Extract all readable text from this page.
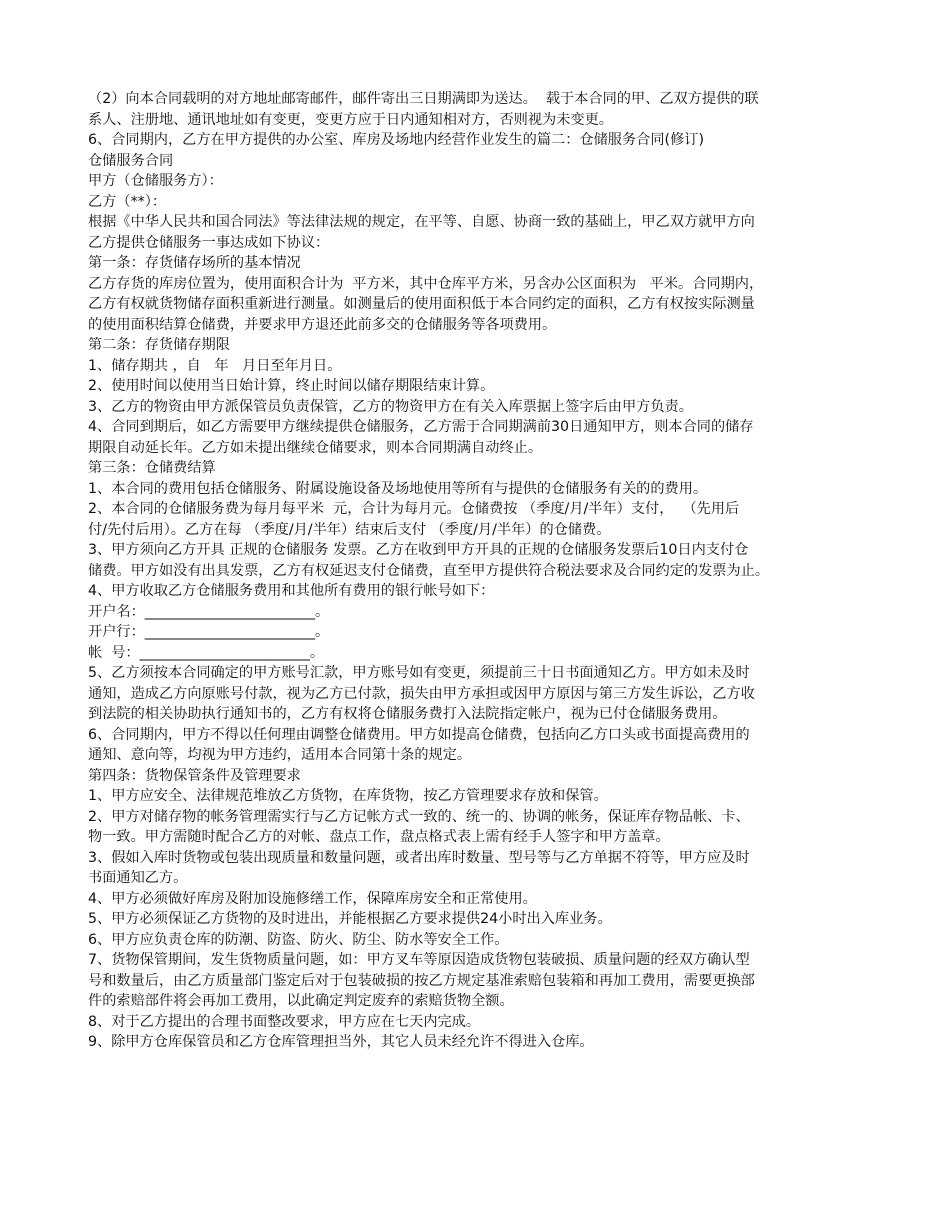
（2）向本合同载明的对方地址邮寄邮件，邮件寄出三日期满即为送达。  载于本合同的甲、乙双方提供的联
系人、注册地、通讯地址如有变更，变更方应于日内通知相对方，否则视为未变更。
6、合同期内，乙方在甲方提供的办公室、库房及场地内经营作业发生的篇二：仓储服务合同(修订)
仓储服务合同
甲方（仓储服务方）：
乙方（**）：
根据《中华人民共和国合同法》等法律法规的规定，在平等、自愿、协商一致的基础上，甲乙双方就甲方向
乙方提供仓储服务一事达成如下协议：
第一条：存货储存场所的基本情况
乙方存货的库房位置为，使用面积合计为  平方米，其中仓库平方米，另含办公区面积为   平米。合同期内，
乙方有权就货物储存面积重新进行测量。如测量后的使用面积低于本合同约定的面积，乙方有权按实际测量
的使用面积结算仓储费，并要求甲方退还此前多交的仓储服务等各项费用。
第二条：存货储存期限
1、储存期共 ，自   年   月日至年月日。
2、使用时间以使用当日始计算，终止时间以储存期限结束计算。
3、乙方的物资由甲方派保管员负责保管，乙方的物资甲方在有关入库票据上签字后由甲方负责。
4、合同到期后，如乙方需要甲方继续提供仓储服务，乙方需于合同期满前30日通知甲方，则本合同的储存
期限自动延长年。乙方如未提出继续仓储要求，则本合同期满自动终止。
第三条：仓储费结算
1、本合同的费用包括仓储服务、附属设施设备及场地使用等所有与提供的仓储服务有关的的费用。
2、本合同的仓储服务费为每月每平米  元，合计为每月元。仓储费按 （季度/月/半年）支付，  （先用后
付/先付后用）。乙方在每 （季度/月/半年）结束后支付 （季度/月/半年）的仓储费。
3、甲方须向乙方开具 正规的仓储服务 发票。乙方在收到甲方开具的正规的仓储服务发票后10日内支付仓
储费。甲方如没有出具发票，乙方有权延迟支付仓储费，直至甲方提供符合税法要求及合同约定的发票为止。
4、甲方收取乙方仓储服务费用和其他所有费用的银行帐号如下：
开户名：________________________。
开户行：________________________。
帐  号：________________________。
5、乙方须按本合同确定的甲方账号汇款，甲方账号如有变更，须提前三十日书面通知乙方。甲方如未及时
通知，造成乙方向原账号付款，视为乙方已付款，损失由甲方承担或因甲方原因与第三方发生诉讼，乙方收
到法院的相关协助执行通知书的，乙方有权将仓储服务费打入法院指定帐户，视为已付仓储服务费用。
6、合同期内，甲方不得以任何理由调整仓储费用。甲方如提高仓储费，包括向乙方口头或书面提高费用的
通知、意向等，均视为甲方违约，适用本合同第十条的规定。
第四条：货物保管条件及管理要求
1、甲方应安全、法律规范堆放乙方货物，在库货物，按乙方管理要求存放和保管。
2、甲方对储存物的帐务管理需实行与乙方记帐方式一致的、统一的、协调的帐务，保证库存物品帐、卡、
物一致。甲方需随时配合乙方的对帐、盘点工作，盘点格式表上需有经手人签字和甲方盖章。
3、假如入库时货物或包装出现质量和数量问题，或者出库时数量、型号等与乙方单据不符等，甲方应及时
书面通知乙方。
4、甲方必须做好库房及附加设施修缮工作，保障库房安全和正常使用。
5、甲方必须保证乙方货物的及时进出，并能根据乙方要求提供24小时出入库业务。
6、甲方应负责仓库的防潮、防盗、防火、防尘、防水等安全工作。
7、货物保管期间，发生货物质量问题，如：甲方叉车等原因造成货物包装破损、质量问题的经双方确认型
号和数量后，由乙方质量部门鉴定后对于包装破损的按乙方规定基准索赔包装箱和再加工费用，需要更换部
件的索赔部件将会再加工费用，以此确定判定废弃的索赔货物全额。
8、对于乙方提出的合理书面整改要求，甲方应在七天内完成。
9、除甲方仓库保管员和乙方仓库管理担当外，其它人员未经允许不得进入仓库。
